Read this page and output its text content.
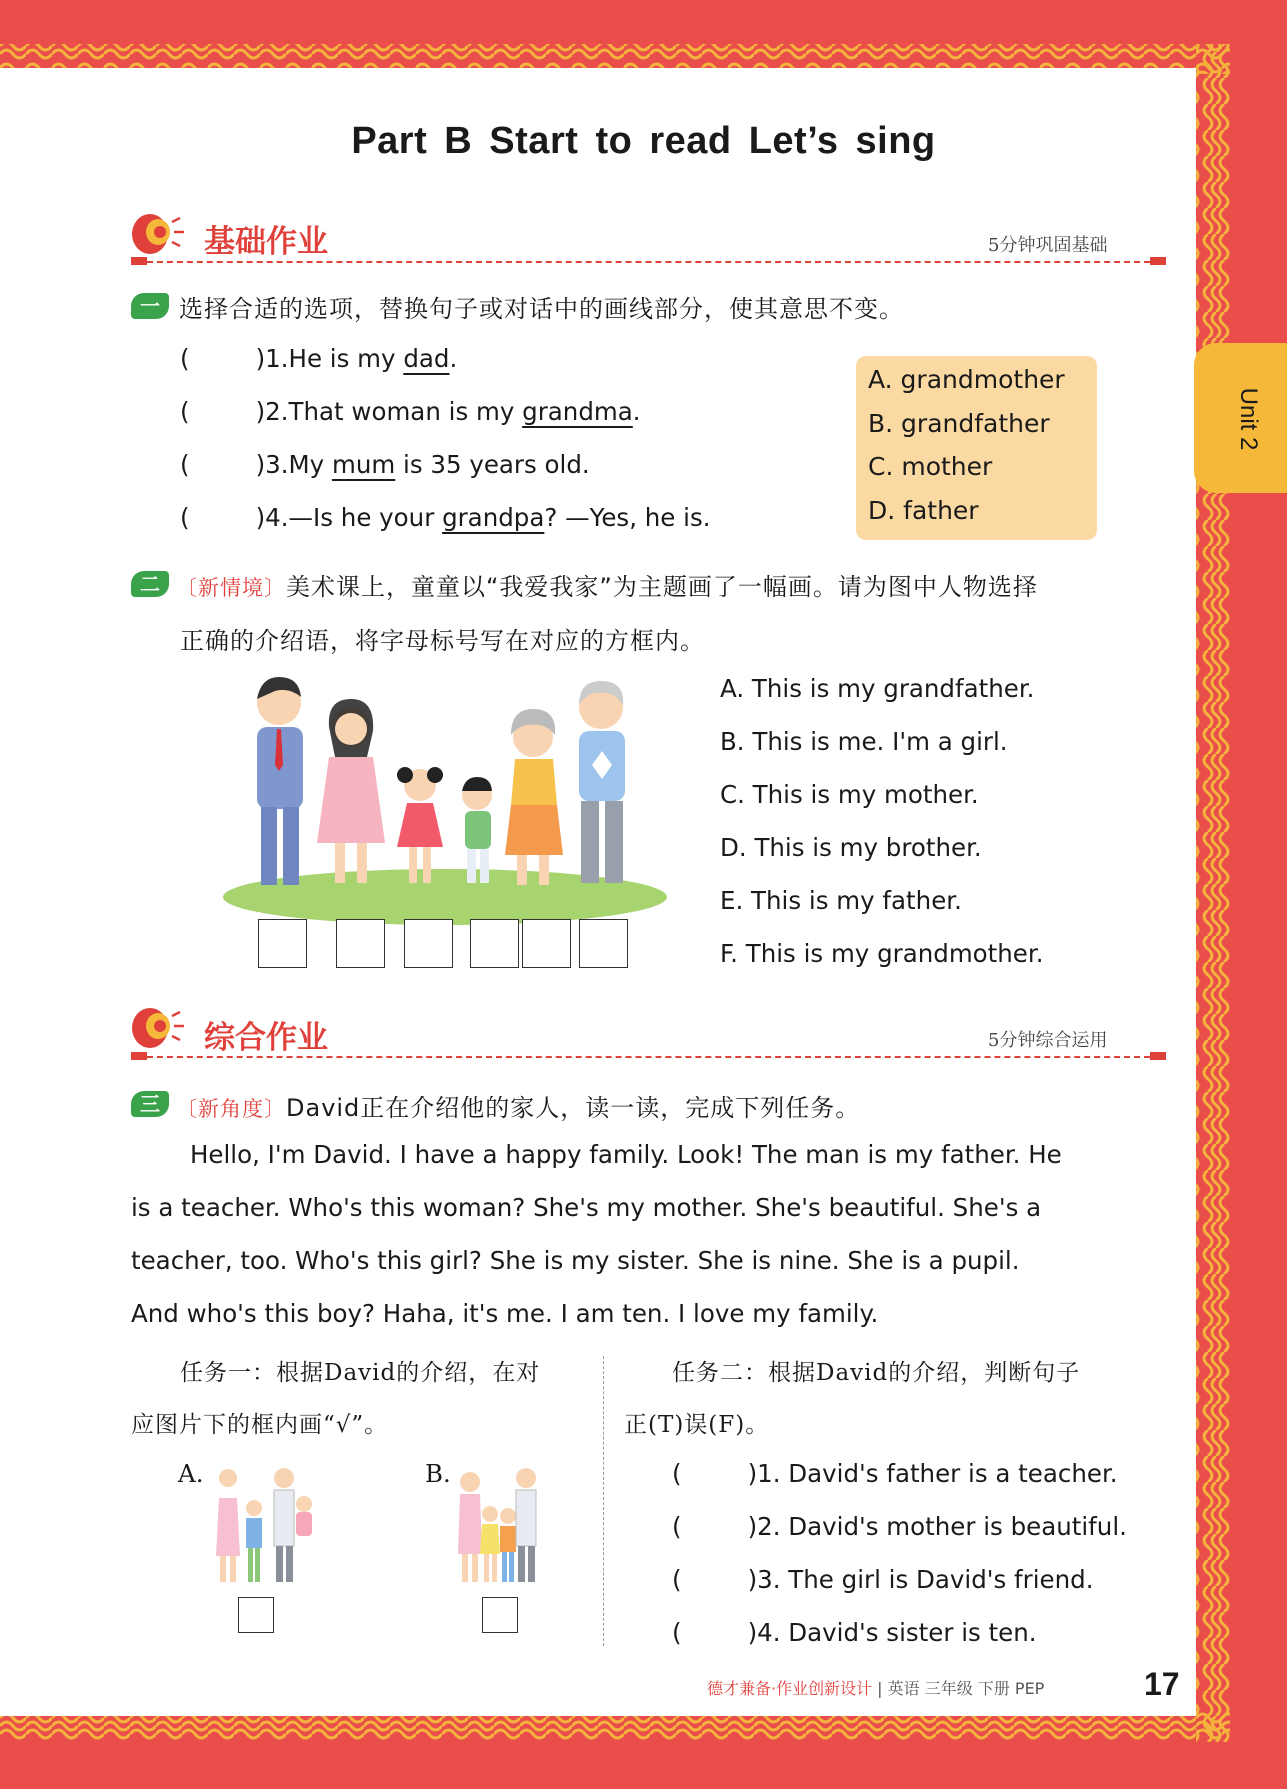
Unit 2
Part B Start to read Let’s sing
基础作业	5分钟巩固基础
一 选择合适的选项，替换句子或对话中的画线部分，使其意思不变。
(	)1.He is my dad.
(	)2.That woman is my grandma.
(	)3.My mum is 35 years old.
(	)4.—Is he your grandpa? —Yes, he is.
A. grandmother
B. grandfather
C. mother
D. father
二 〔新情境〕美术课上，童童以“我爱我家”为主题画了一幅画。请为图中人物选择
正确的介绍语，将字母标号写在对应的方框内。
A. This is my grandfather.
B. This is me. I'm a girl.
C. This is my mother.
D. This is my brother.
E. This is my father.
F. This is my grandmother.
综合作业	5分钟综合运用
三 〔新角度〕David正在介绍他的家人，读一读，完成下列任务。
Hello, I'm David. I have a happy family. Look! The man is my father. He
is a teacher. Who's this woman? She's my mother. She's beautiful. She's a
teacher, too. Who's this girl? She is my sister. She is nine. She is a pupil.
And who's this boy? Haha, it's me. I am ten. I love my family.
任务一：根据David的介绍，在对
应图片下的框内画“√”。
A.	B.
任务二：根据David的介绍，判断句子
正(T)误(F)。
(	)1. David's father is a teacher.
(	)2. David's mother is beautiful.
(	)3. The girl is David's friend.
(	)4. David's sister is ten.
德才兼备·作业创新设计 | 英语 三年级 下册 PEP	17
